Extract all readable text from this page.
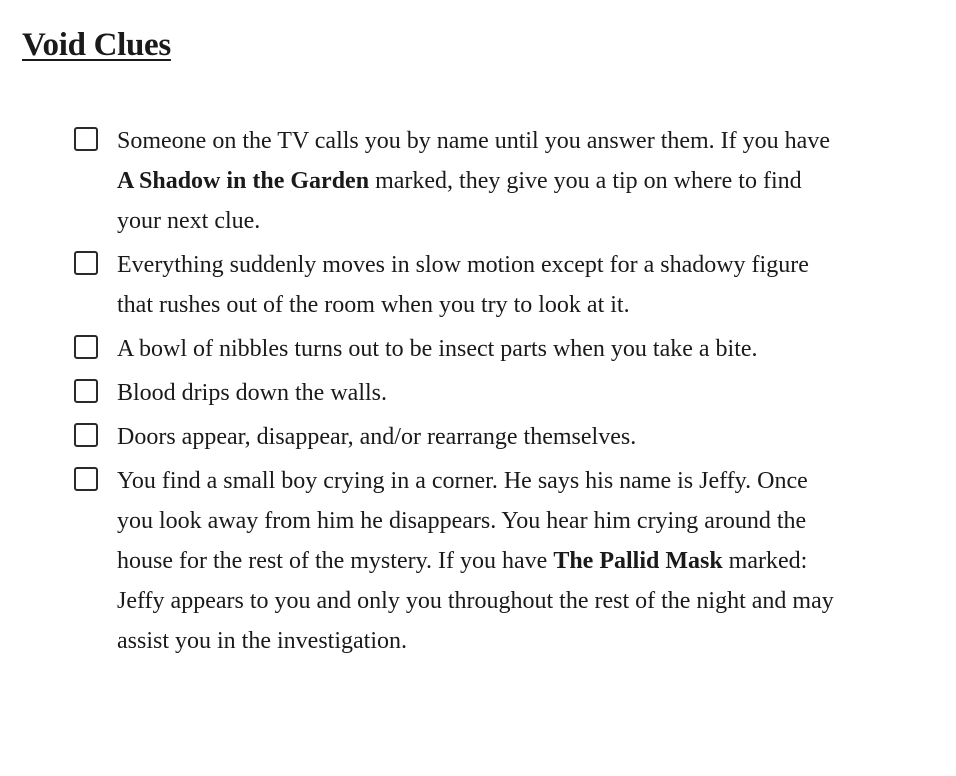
Void Clues
Someone on the TV calls you by name until you answer them. If you have A Shadow in the Garden marked, they give you a tip on where to find your next clue.
Everything suddenly moves in slow motion except for a shadowy figure that rushes out of the room when you try to look at it.
A bowl of nibbles turns out to be insect parts when you take a bite.
Blood drips down the walls.
Doors appear, disappear, and/or rearrange themselves.
You find a small boy crying in a corner. He says his name is Jeffy. Once you look away from him he disappears. You hear him crying around the house for the rest of the mystery. If you have The Pallid Mask marked: Jeffy appears to you and only you throughout the rest of the night and may assist you in the investigation.
